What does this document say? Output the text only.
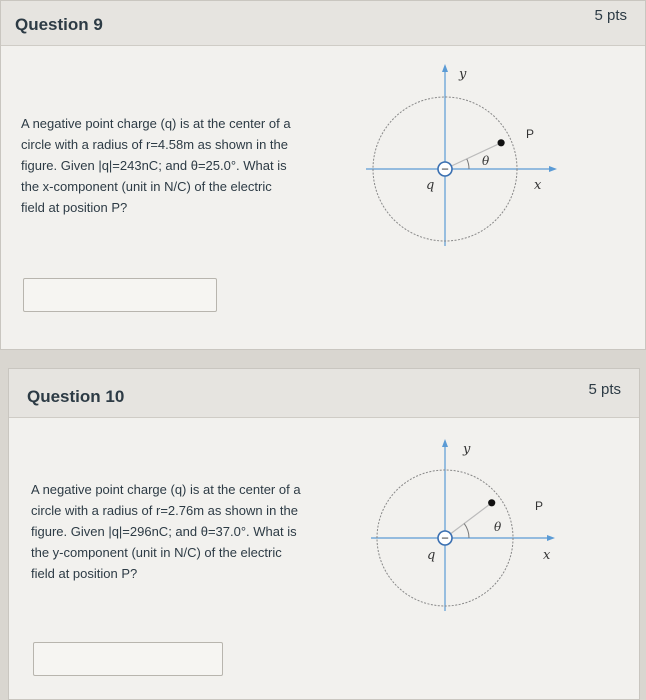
Question 9	5 pts
A negative point charge (q) is at the center of a
circle with a radius of r=4.58m as shown in the
figure. Given |q|=243nC; and θ=25.0°. What is
the x-component (unit in N/C) of the electric
field at position P?
−
y
x
q
P
θ
Question 10	5 pts
A negative point charge (q) is at the center of a
circle with a radius of r=2.76m as shown in the
figure. Given |q|=296nC; and θ=37.0°. What is
the y-component (unit in N/C) of the electric
field at position P?
−
y
x
q
P
θ
